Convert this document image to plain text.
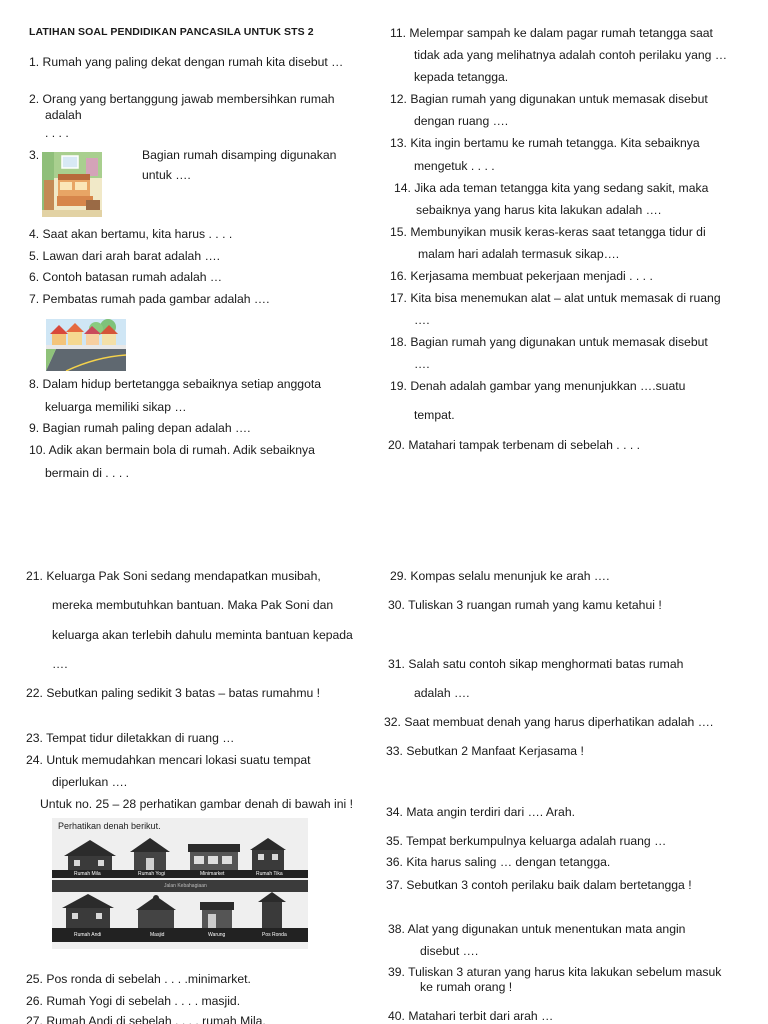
LATIHAN SOAL PENDIDIKAN PANCASILA UNTUK STS 2
1. Rumah yang paling dekat dengan rumah kita disebut …
2. Orang yang bertanggung jawab membersihkan rumah
adalah
. . . .
3.	Bagian rumah disamping digunakan
untuk ….
4. Saat akan bertamu, kita harus . . . .
5. Lawan dari arah barat adalah ….
6. Contoh batasan rumah adalah …
7. Pembatas rumah pada gambar adalah ….
8. Dalam hidup bertetangga sebaiknya setiap anggota
keluarga memiliki sikap …
9. Bagian rumah paling depan adalah ….
10. Adik akan bermain bola di rumah. Adik sebaiknya
bermain di . . . .
11. Melempar sampah ke dalam pagar rumah tetangga saat
tidak ada yang melihatnya adalah contoh perilaku yang …
kepada tetangga.
12. Bagian rumah yang digunakan untuk memasak disebut
dengan ruang ….
13. Kita ingin bertamu ke rumah tetangga. Kita sebaiknya
mengetuk . . . .
14. Jika ada teman tetangga kita yang sedang sakit, maka
sebaiknya yang harus kita lakukan adalah ….
15. Membunyikan musik keras-keras saat tetangga tidur di
malam hari adalah termasuk sikap….
16. Kerjasama membuat pekerjaan menjadi . . . .
17. Kita bisa menemukan alat – alat untuk memasak di ruang
….
18. Bagian rumah yang digunakan untuk memasak disebut
….
19. Denah adalah gambar yang menunjukkan ….suatu
tempat.
20. Matahari tampak terbenam di sebelah . . . .
21. Keluarga Pak Soni sedang mendapatkan musibah,
mereka membutuhkan bantuan. Maka Pak Soni dan
keluarga akan terlebih dahulu meminta bantuan kepada
….
22. Sebutkan paling sedikit 3 batas – batas rumahmu !
23. Tempat tidur diletakkan di ruang …
24. Untuk memudahkan mencari lokasi suatu tempat
diperlukan ….
Untuk no. 25 – 28 perhatikan gambar denah di bawah ini !
Perhatikan denah berikut.
Rumah Mila	Rumah Yogi	Minimarket	Rumah Tika
Jalan Kebahagiaan
Rumah Andi	Masjid	Warung	Pos Ronda
25. Pos ronda di sebelah . . . .minimarket.
26. Rumah Yogi di sebelah . . . . masjid.
27. Rumah Andi di sebelah . . . . rumah Mila.
29. Kompas selalu menunjuk ke arah ….
30. Tuliskan 3 ruangan rumah yang kamu ketahui !
31. Salah satu contoh sikap menghormati batas rumah
adalah ….
32. Saat membuat denah yang harus diperhatikan adalah ….
33. Sebutkan 2 Manfaat Kerjasama !
34. Mata angin terdiri dari …. Arah.
35. Tempat berkumpulnya keluarga adalah ruang …
36. Kita harus saling … dengan tetangga.
37. Sebutkan 3 contoh perilaku baik dalam bertetangga !
38. Alat yang digunakan untuk menentukan mata angin
disebut ….
39. Tuliskan 3 aturan yang harus kita lakukan sebelum masuk
ke rumah orang !
40. Matahari terbit dari arah …
